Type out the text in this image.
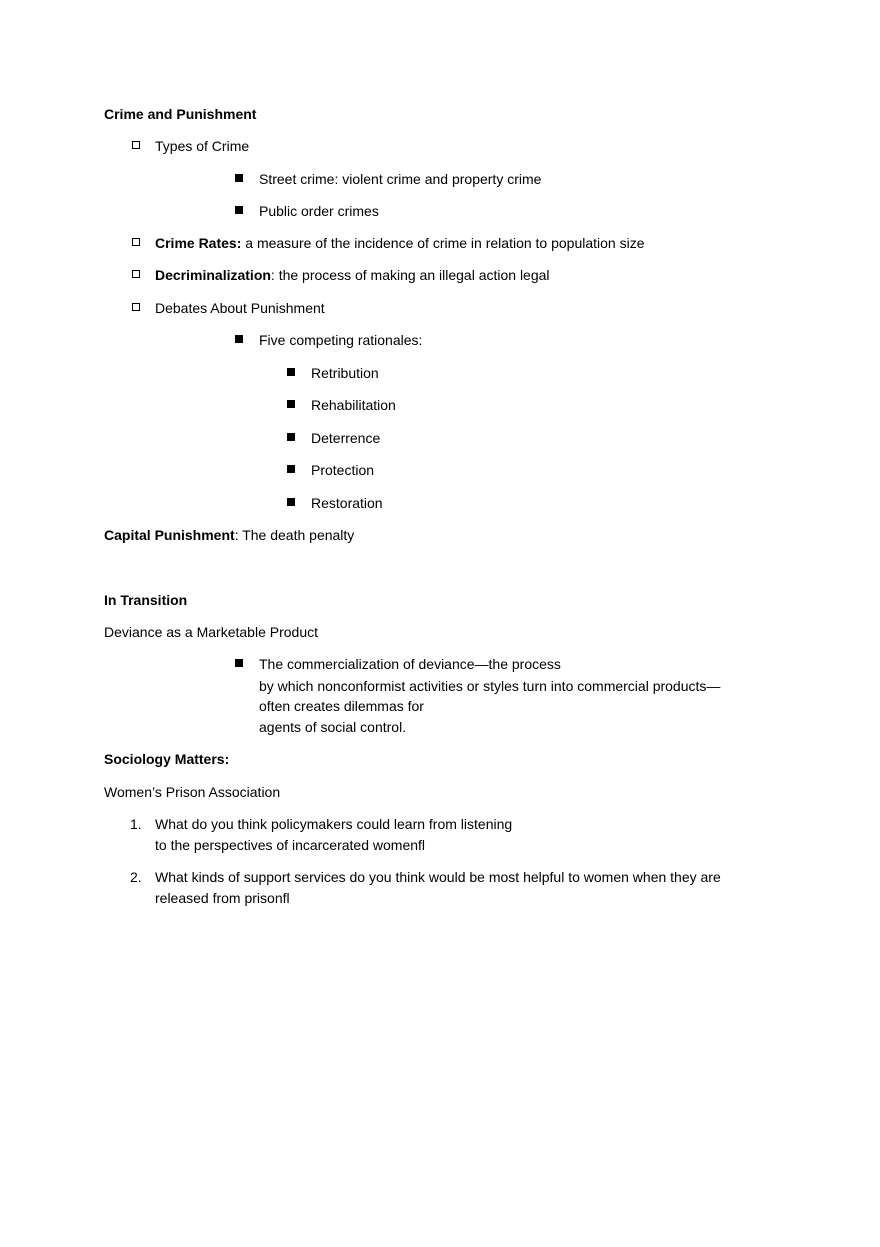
Crime and Punishment
Types of Crime
Street crime: violent crime and property crime
Public order crimes
Crime Rates: a measure of the incidence of crime in relation to population size
Decriminalization: the process of making an illegal action legal
Debates About Punishment
Five competing rationales:
Retribution
Rehabilitation
Deterrence
Protection
Restoration
Capital Punishment: The death penalty
In Transition
Deviance as a Marketable Product
The commercialization of deviance—the process
by which nonconformist activities or styles turn into commercial products—
often creates dilemmas for
agents of social control.
Sociology Matters:
Women’s Prison Association
1. What do you think policymakers could learn from listening
to the perspectives of incarcerated womenfl
2. What kinds of support services do you think would be most helpful to women when they are
released from prisonfl
